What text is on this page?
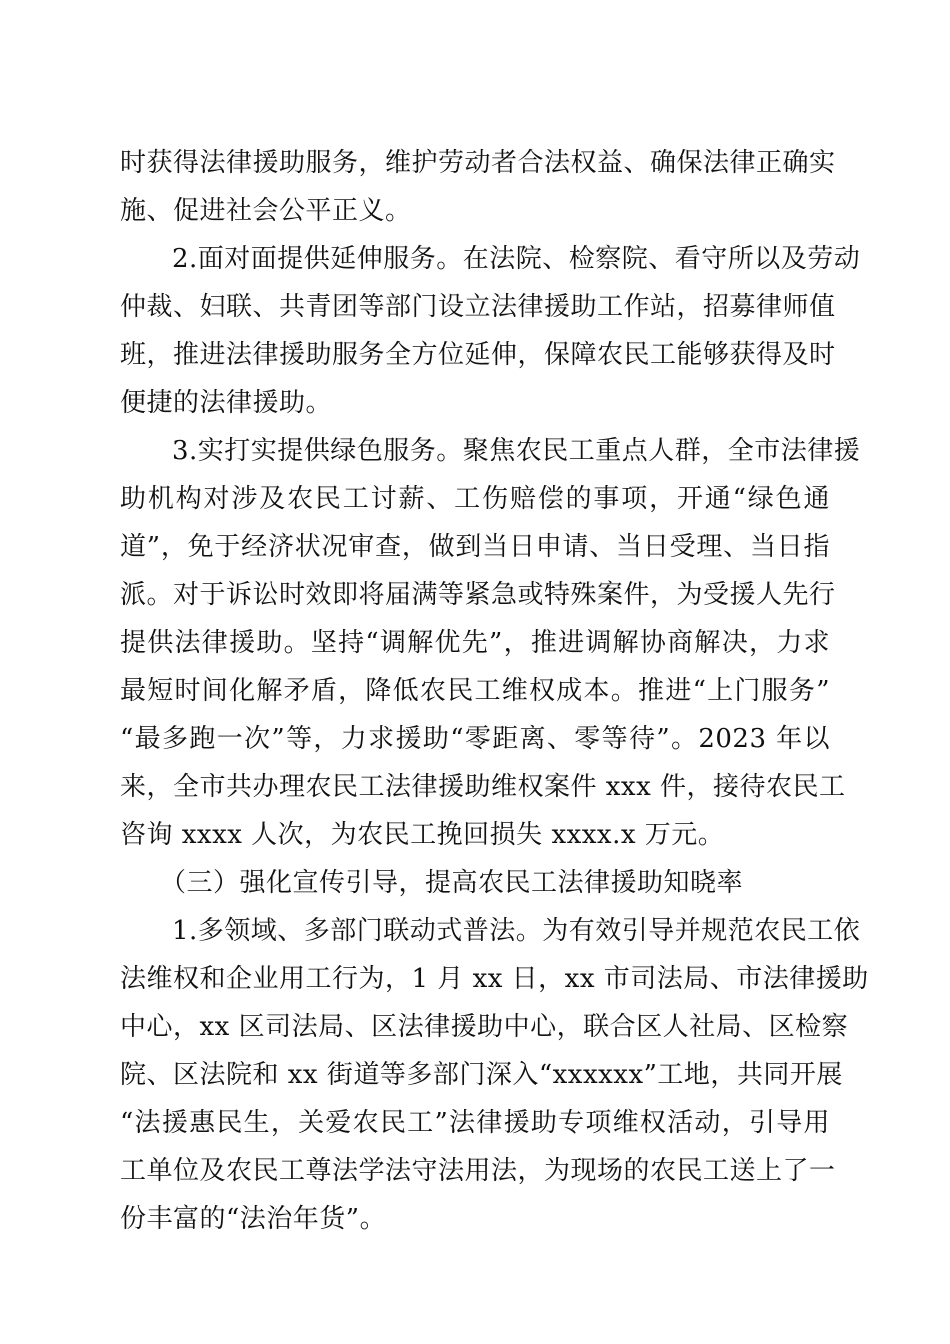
时获得法律援助服务，维护劳动者合法权益、确保法律正确实
施、促进社会公平正义。
2.面对面提供延伸服务。在法院、检察院、看守所以及劳动
仲裁、妇联、共青团等部门设立法律援助工作站，招募律师值
班，推进法律援助服务全方位延伸，保障农民工能够获得及时
便捷的法律援助。
3.实打实提供绿色服务。聚焦农民工重点人群，全市法律援
助机构对涉及农民工讨薪、工伤赔偿的事项，开通“绿色通
道”，免于经济状况审查，做到当日申请、当日受理、当日指
派。对于诉讼时效即将届满等紧急或特殊案件，为受援人先行
提供法律援助。坚持“调解优先”，推进调解协商解决，力求
最短时间化解矛盾，降低农民工维权成本。推进“上门服务”
“最多跑一次”等，力求援助“零距离、零等待”。2023 年以
来，全市共办理农民工法律援助维权案件 xxx 件，接待农民工
咨询 xxxx 人次，为农民工挽回损失 xxxx.x 万元。
（三）强化宣传引导，提高农民工法律援助知晓率
1.多领域、多部门联动式普法。为有效引导并规范农民工依
法维权和企业用工行为，1 月 xx 日，xx 市司法局、市法律援助
中心，xx 区司法局、区法律援助中心，联合区人社局、区检察
院、区法院和 xx 街道等多部门深入“xxxxxx”工地，共同开展
“法援惠民生，关爱农民工”法律援助专项维权活动，引导用
工单位及农民工尊法学法守法用法，为现场的农民工送上了一
份丰富的“法治年货”。
